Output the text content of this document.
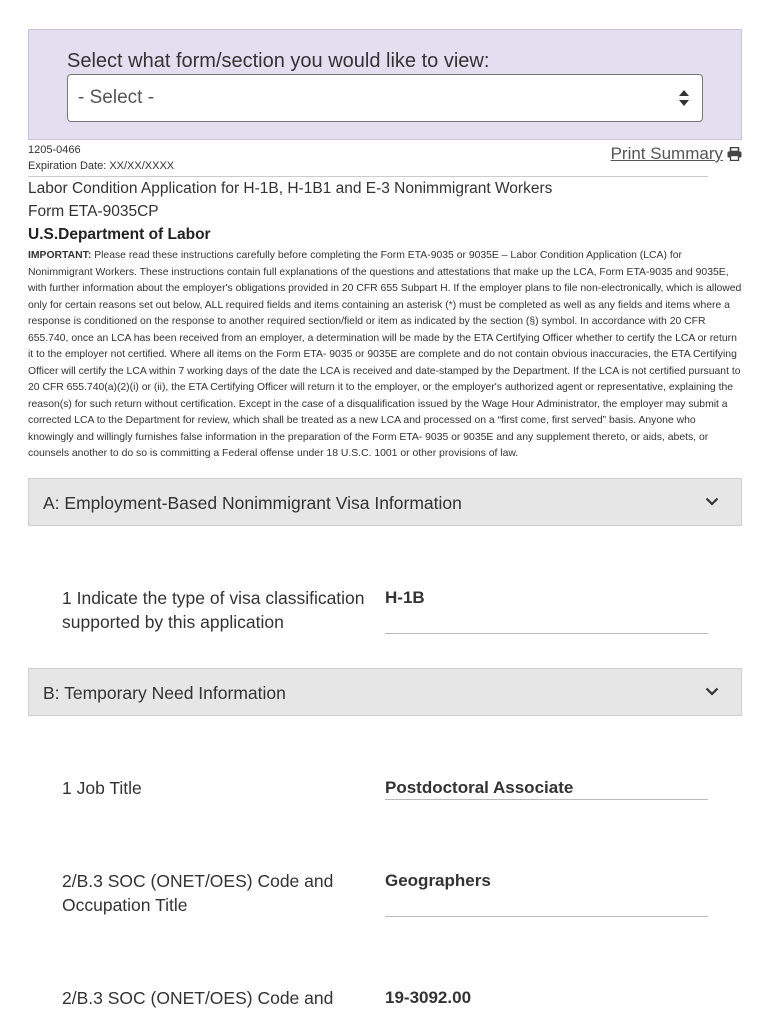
Select what form/section you would like to view:
- Select -
1205-0466
Expiration Date: XX/XX/XXXX
Print Summary
Labor Condition Application for H-1B, H-1B1 and E-3 Nonimmigrant Workers
Form ETA-9035CP
U.S.Department of Labor
IMPORTANT: Please read these instructions carefully before completing the Form ETA-9035 or 9035E – Labor Condition Application (LCA) for Nonimmigrant Workers. These instructions contain full explanations of the questions and attestations that make up the LCA, Form ETA-9035 and 9035E, with further information about the employer's obligations provided in 20 CFR 655 Subpart H. If the employer plans to file non-electronically, which is allowed only for certain reasons set out below, ALL required fields and items containing an asterisk (*) must be completed as well as any fields and items where a response is conditioned on the response to another required section/field or item as indicated by the section (§) symbol. In accordance with 20 CFR 655.740, once an LCA has been received from an employer, a determination will be made by the ETA Certifying Officer whether to certify the LCA or return it to the employer not certified. Where all items on the Form ETA- 9035 or 9035E are complete and do not contain obvious inaccuracies, the ETA Certifying Officer will certify the LCA within 7 working days of the date the LCA is received and date-stamped by the Department. If the LCA is not certified pursuant to 20 CFR 655.740(a)(2)(i) or (ii), the ETA Certifying Officer will return it to the employer, or the employer's authorized agent or representative, explaining the reason(s) for such return without certification. Except in the case of a disqualification issued by the Wage Hour Administrator, the employer may submit a corrected LCA to the Department for review, which shall be treated as a new LCA and processed on a “first come, first served” basis. Anyone who knowingly and willingly furnishes false information in the preparation of the Form ETA- 9035 or 9035E and any supplement thereto, or aids, abets, or counsels another to do so is committing a Federal offense under 18 U.S.C. 1001 or other provisions of law.
A: Employment-Based Nonimmigrant Visa Information
1 Indicate the type of visa classification supported by this application
H-1B
B: Temporary Need Information
1 Job Title	Postdoctoral Associate
2/B.3 SOC (ONET/OES) Code and Occupation Title
Geographers
2/B.3 SOC (ONET/OES) Code and	19-3092.00
